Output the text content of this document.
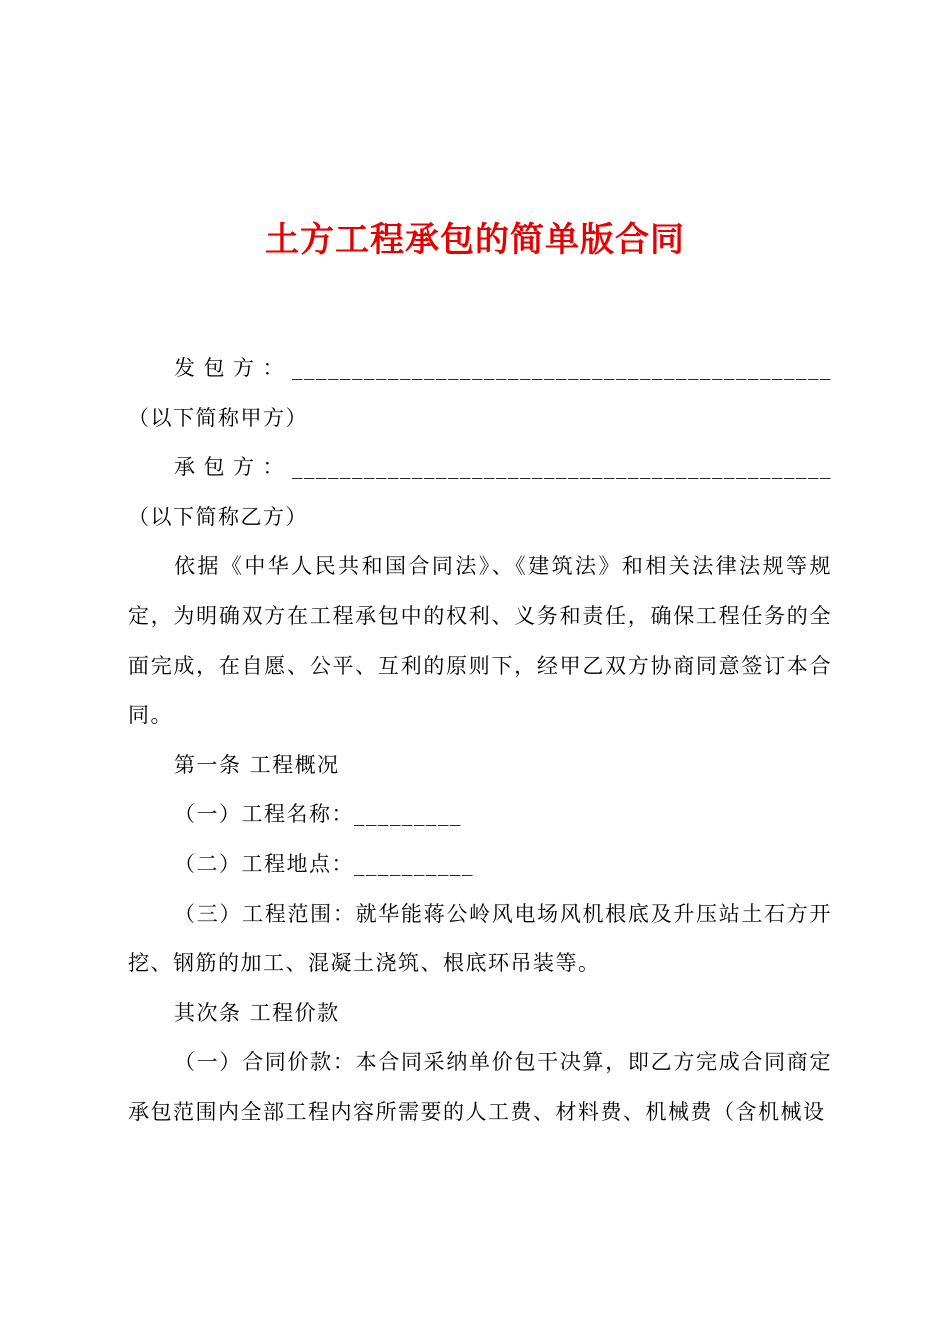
土方工程承包的简单版合同

发包方：_____________________________________________（以下简称甲方）

承包方：_____________________________________________（以下简称乙方）

依据《中华人民共和国合同法》、《建筑法》和相关法律法规等规定，为明确双方在工程承包中的权利、义务和责任，确保工程任务的全面完成，在自愿、公平、互利的原则下，经甲乙双方协商同意签订本合同。

第一条 工程概况

（一）工程名称：_________

（二）工程地点：__________

（三）工程范围：就华能蒋公岭风电场风机根底及升压站土石方开挖、钢筋的加工、混凝土浇筑、根底环吊装等。

其次条 工程价款

（一）合同价款：本合同采纳单价包干决算，即乙方完成合同商定承包范围内全部工程内容所需要的人工费、材料费、机械费（含机械设
